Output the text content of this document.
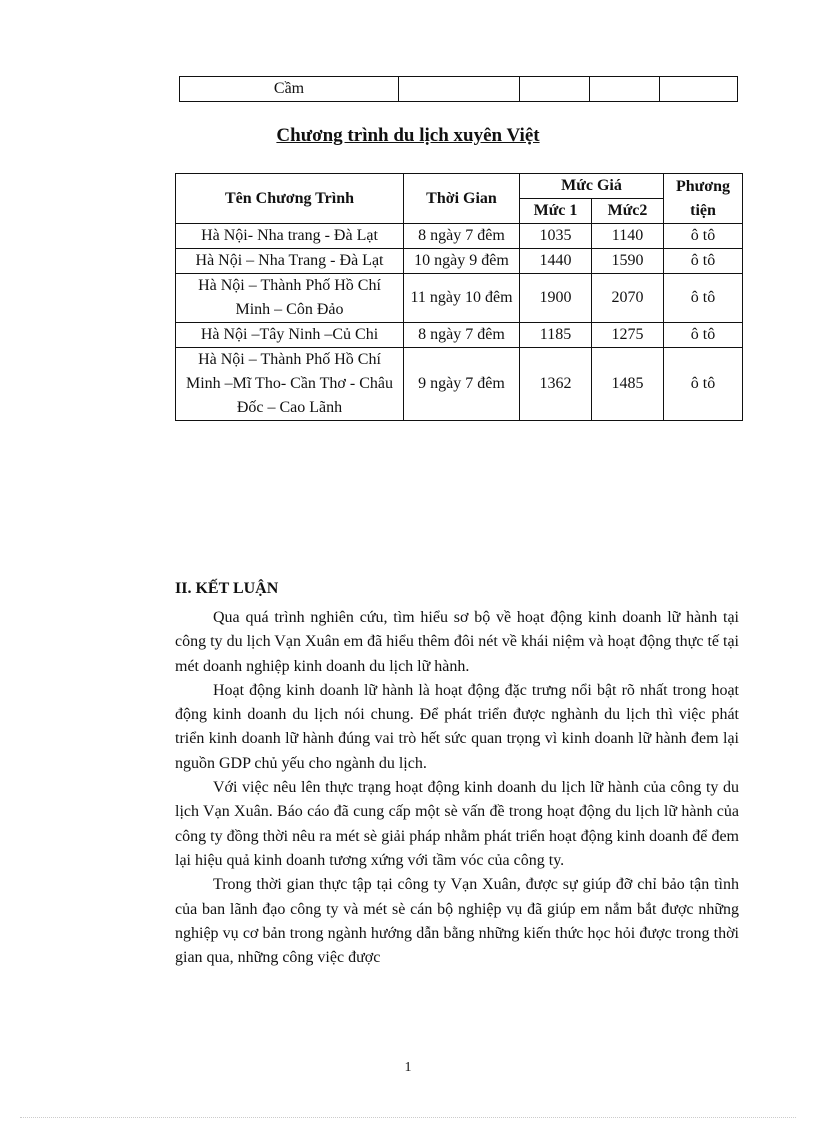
Cầm				
Chương trình du lịch xuyên Việt
Tên Chương Trình	Thời Gian	Mức Giá		Phương tiện
		Mức 1	Mức2	
Hà Nội- Nha trang - Đà Lạt	8 ngày 7 đêm	1035	1140	ô tô
Hà Nội – Nha Trang - Đà Lạt	10 ngày 9 đêm	1440	1590	ô tô
Hà Nội – Thành Phố Hồ Chí Minh – Côn Đảo	11 ngày 10 đêm	1900	2070	ô tô
Hà Nội –Tây Ninh –Củ Chi	8 ngày 7 đêm	1185	1275	ô tô
Hà Nội – Thành Phố Hồ Chí Minh –Mĩ Tho- Cần Thơ - Châu Đốc – Cao Lãnh	9 ngày 7 đêm	1362	1485	ô tô
II. KẾT LUẬN

Qua quá trình nghiên cứu, tìm hiểu sơ bộ về hoạt động kinh doanh lữ hành tại công ty du lịch Vạn Xuân em đã hiểu thêm đôi nét về khái niệm và hoạt động thực tế tại mét doanh nghiệp kinh doanh du lịch lữ hành.

Hoạt động kinh doanh lữ hành là hoạt động đặc trưng nổi bật rõ nhất trong hoạt động kinh doanh du lịch nói chung. Để phát triển được nghành du lịch thì việc phát triển kinh doanh lữ hành đúng vai trò hết sức quan trọng vì kinh doanh lữ hành đem lại nguồn GDP chủ yếu cho ngành du lịch.

Với việc nêu lên thực trạng hoạt động kinh doanh du lịch lữ hành của công ty du lịch Vạn Xuân. Báo cáo đã cung cấp một sè vấn đề trong hoạt động du lịch lữ hành của công ty đồng thời nêu ra mét sè giải pháp nhằm phát triển hoạt động kinh doanh để đem lại hiệu quả kinh doanh tương xứng với tầm vóc của công ty.

Trong thời gian thực tập tại công ty Vạn Xuân, được sự giúp đỡ chỉ bảo tận tình của ban lãnh đạo công ty và mét sè cán bộ nghiệp vụ đã giúp em nắm bắt được những nghiệp vụ cơ bản trong ngành hướng dẫn bằng những kiến thức học hỏi được trong thời gian qua, những công việc được

1
